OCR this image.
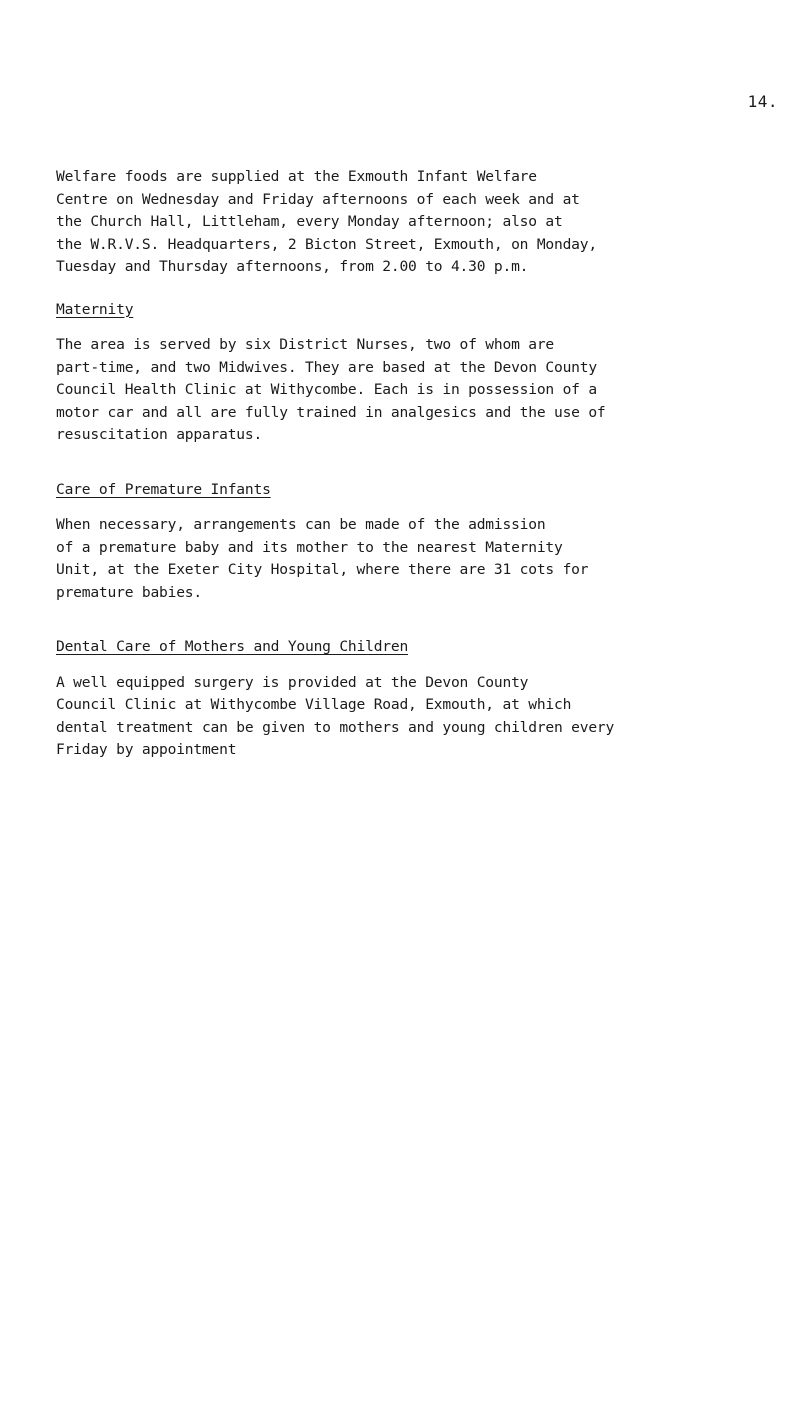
14.

Welfare foods are supplied at the Exmouth Infant Welfare
Centre on Wednesday and Friday afternoons of each week and at
the Church Hall, Littleham, every Monday afternoon; also at
the W.R.V.S. Headquarters, 2 Bicton Street, Exmouth, on Monday,
Tuesday and Thursday afternoons, from 2.00 to 4.30 p.m.

Maternity

The area is served by six District Nurses, two of whom are
part-time, and two Midwives. They are based at the Devon County
Council Health Clinic at Withycombe. Each is in possession of a
motor car and all are fully trained in analgesics and the use of
resuscitation apparatus.

Care of Premature Infants

When necessary, arrangements can be made of the admission
of a premature baby and its mother to the nearest Maternity
Unit, at the Exeter City Hospital, where there are 31 cots for
premature babies.

Dental Care of Mothers and Young Children

A well equipped surgery is provided at the Devon County
Council Clinic at Withycombe Village Road, Exmouth, at which
dental treatment can be given to mothers and young children every
Friday by appointment
